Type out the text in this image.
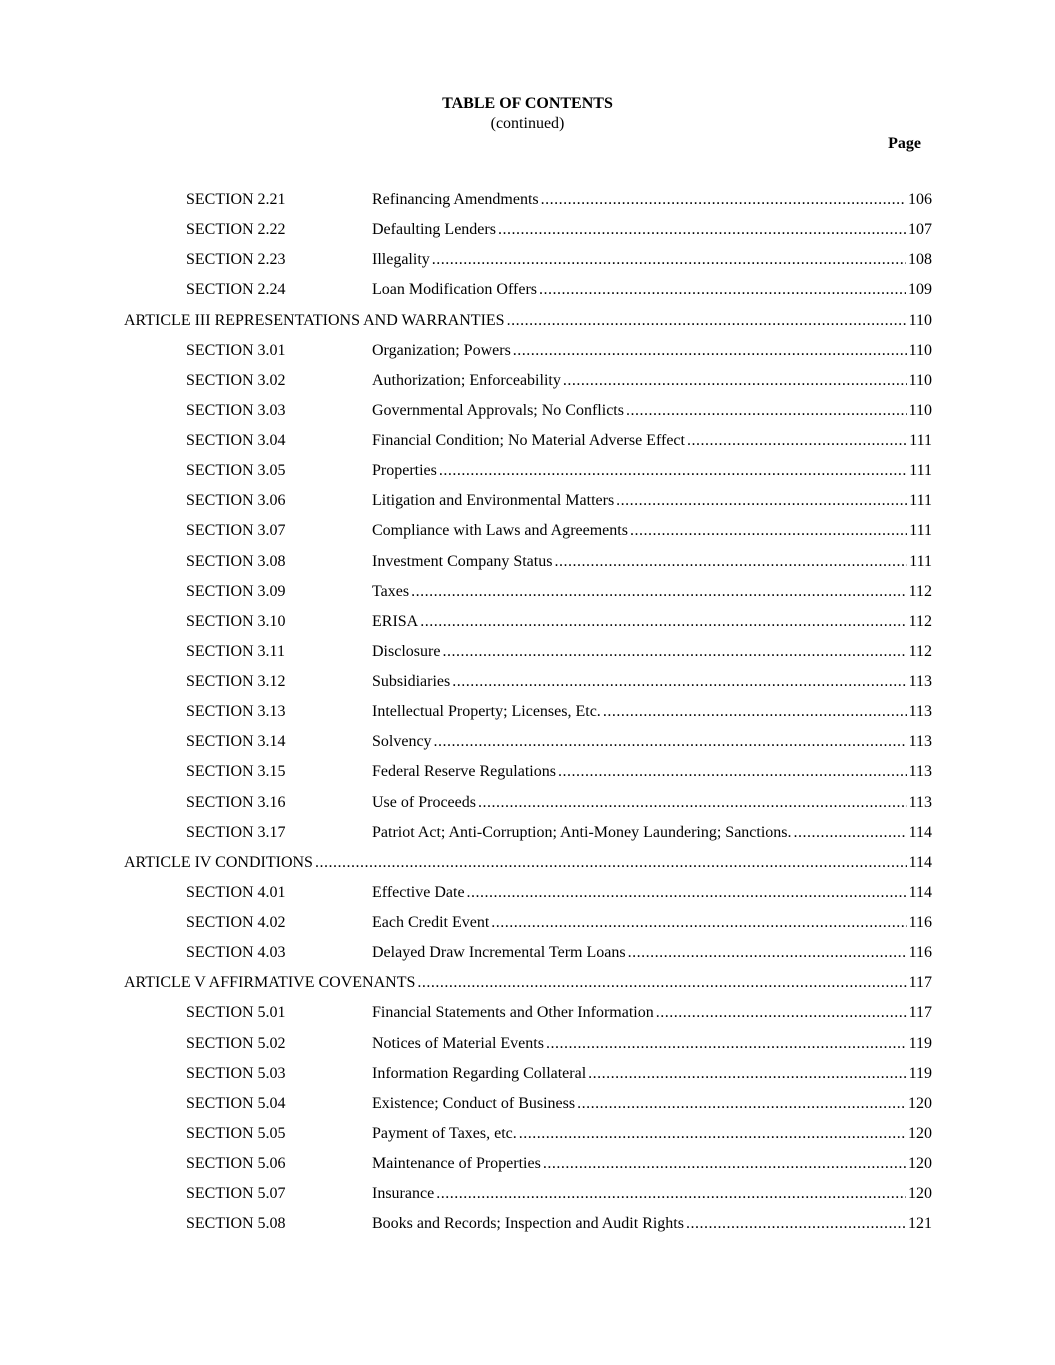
TABLE OF CONTENTS
(continued)
Page
SECTION 2.21	Refinancing Amendments .....	106
SECTION 2.22	Defaulting Lenders .....	107
SECTION 2.23	Illegality .....	108
SECTION 2.24	Loan Modification Offers .....	109
ARTICLE III REPRESENTATIONS AND WARRANTIES .....	110
SECTION 3.01	Organization; Powers .....	110
SECTION 3.02	Authorization; Enforceability .....	110
SECTION 3.03	Governmental Approvals; No Conflicts .....	110
SECTION 3.04	Financial Condition; No Material Adverse Effect .....	111
SECTION 3.05	Properties .....	111
SECTION 3.06	Litigation and Environmental Matters .....	111
SECTION 3.07	Compliance with Laws and Agreements .....	111
SECTION 3.08	Investment Company Status .....	111
SECTION 3.09	Taxes .....	112
SECTION 3.10	ERISA .....	112
SECTION 3.11	Disclosure .....	112
SECTION 3.12	Subsidiaries .....	113
SECTION 3.13	Intellectual Property; Licenses, Etc. .....	113
SECTION 3.14	Solvency .....	113
SECTION 3.15	Federal Reserve Regulations .....	113
SECTION 3.16	Use of Proceeds .....	113
SECTION 3.17	Patriot Act; Anti-Corruption; Anti-Money Laundering; Sanctions. .....	114
ARTICLE IV CONDITIONS .....	114
SECTION 4.01	Effective Date .....	114
SECTION 4.02	Each Credit Event .....	116
SECTION 4.03	Delayed Draw Incremental Term Loans .....	116
ARTICLE V AFFIRMATIVE COVENANTS .....	117
SECTION 5.01	Financial Statements and Other Information .....	117
SECTION 5.02	Notices of Material Events .....	119
SECTION 5.03	Information Regarding Collateral .....	119
SECTION 5.04	Existence; Conduct of Business .....	120
SECTION 5.05	Payment of Taxes, etc. .....	120
SECTION 5.06	Maintenance of Properties .....	120
SECTION 5.07	Insurance .....	120
SECTION 5.08	Books and Records; Inspection and Audit Rights .....	121
